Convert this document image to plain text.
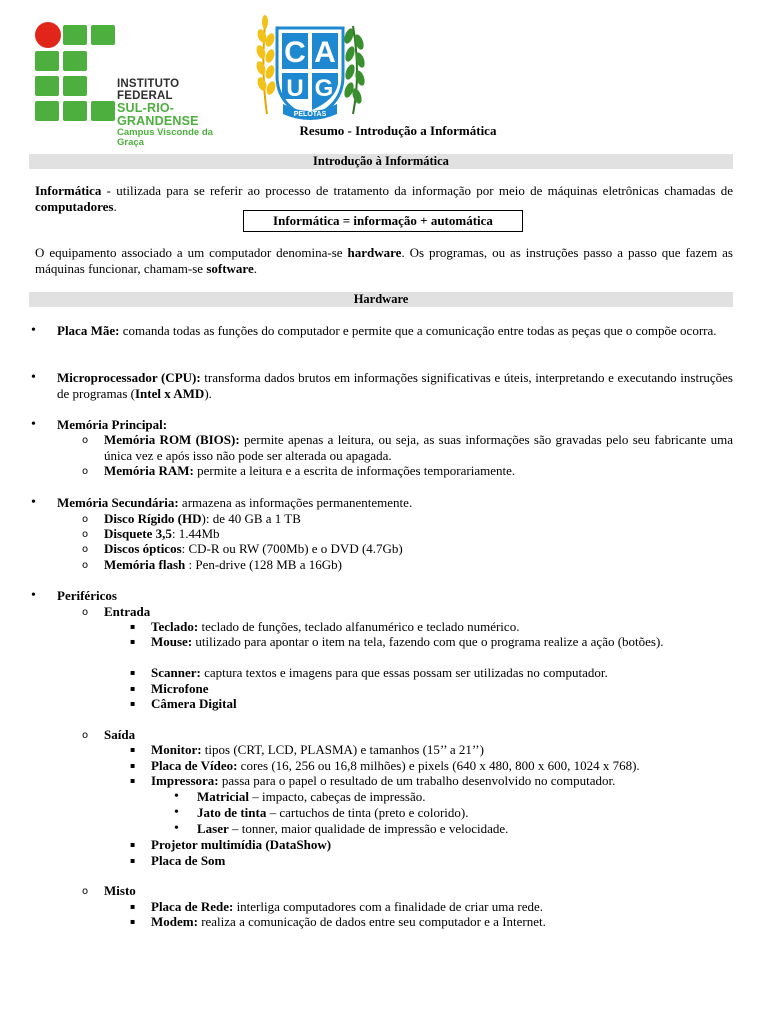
INSTITUTO FEDERAL
SUL-RIO-GRANDENSE
Campus Visconde da Graça
C A
U G
PELOTAS
Resumo - Introdução a Informática
Introdução à Informática
Informática - utilizada para se referir ao processo de tratamento da informação por meio de máquinas eletrônicas chamadas de computadores.
Informática = informação + automática
O equipamento associado a um computador denomina-se hardware. Os programas, ou as instruções passo a passo que fazem as máquinas funcionar, chamam-se software.
Hardware
• Placa Mãe: comanda todas as funções do computador e permite que a comunicação entre todas as peças que o compõe ocorra.
• Microprocessador (CPU): transforma dados brutos em informações significativas e úteis, interpretando e executando instruções de programas (Intel x AMD).
• Memória Principal:
o Memória ROM (BIOS): permite apenas a leitura, ou seja, as suas informações são gravadas pelo seu fabricante uma única vez e após isso não pode ser alterada ou apagada.
o Memória RAM: permite a leitura e a escrita de informações temporariamente.
• Memória Secundária: armazena as informações permanentemente.
o Disco Rígido (HD): de 40 GB a 1 TB
o Disquete 3,5: 1.44Mb
o Discos ópticos: CD-R ou RW (700Mb) e o DVD (4.7Gb)
o Memória flash : Pen-drive (128 MB a 16Gb)
• Periféricos
o Entrada
▪ Teclado: teclado de funções, teclado alfanumérico e teclado numérico.
▪ Mouse: utilizado para apontar o item na tela, fazendo com que o programa realize a ação (botões).
▪ Scanner: captura textos e imagens para que essas possam ser utilizadas no computador.
▪ Microfone
▪ Câmera Digital
o Saída
▪ Monitor: tipos (CRT, LCD, PLASMA) e tamanhos (15’’ a 21’’)
▪ Placa de Vídeo: cores (16, 256 ou 16,8 milhões) e pixels (640 x 480, 800 x 600, 1024 x 768).
▪ Impressora: passa para o papel o resultado de um trabalho desenvolvido no computador.
• Matricial – impacto, cabeças de impressão.
• Jato de tinta – cartuchos de tinta (preto e colorido).
• Laser – tonner, maior qualidade de impressão e velocidade.
▪ Projetor multimídia (DataShow)
▪ Placa de Som
o Misto
▪ Placa de Rede: interliga computadores com a finalidade de criar uma rede.
▪ Modem: realiza a comunicação de dados entre seu computador e a Internet.
